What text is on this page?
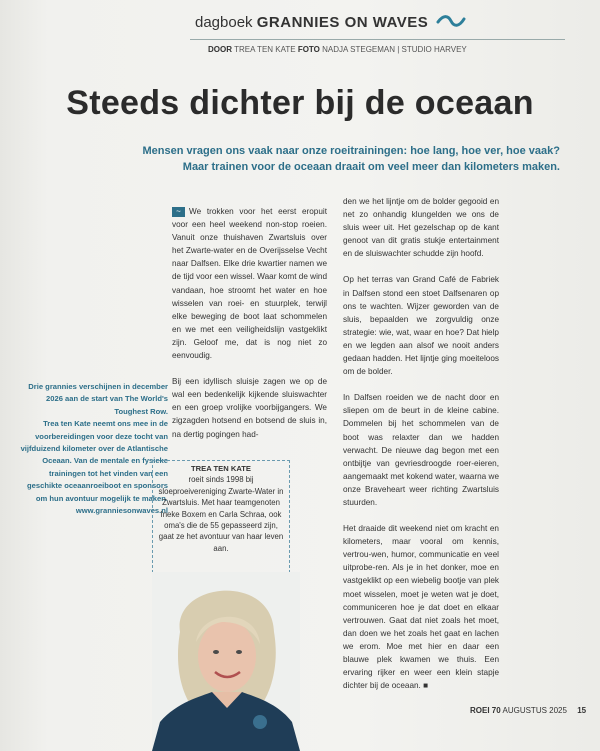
dagboek GRANNIES ON WAVES
DOOR TREA TEN KATE FOTO NADJA STEGEMAN | STUDIO HARVEY
Steeds dichter bij de oceaan
Mensen vragen ons vaak naar onze roeitrainingen: hoe lang, hoe ver, hoe vaak?
Maar trainen voor de oceaan draait om veel meer dan kilometers maken.

~ We trokken voor het eerst eropuit voor een heel weekend non-stop roeien. Vanuit onze thuishaven Zwartsluis over het Zwarte-water en de Overijsselse Vecht naar Dalfsen. Elke drie kwartier namen we de tijd voor een wissel. Waar komt de wind vandaan, hoe stroomt het water en hoe wisselen van roei- en stuurplek, terwijl elke beweging de boot laat schommelen en we met een veiligheidslijn vastgeklikt zijn. Geloof me, dat is nog niet zo eenvoudig.

Bij een idyllisch sluisje zagen we op de wal een bedenkelijk kijkende sluiswachter en een groep vrolijke voorbijgangers. We zigzagden hotsend en botsend de sluis in, na dertig pogingen had-

den we het lijntje om de bolder gegooid en net zo onhandig klungelden we ons de sluis weer uit. Het gezelschap op de kant genoot van dit gratis stukje entertainment en de sluiswachter schudde zijn hoofd.

Op het terras van Grand Café de Fabriek in Dalfsen stond een stoet Dalfsenaren op ons te wachten. Wijzer geworden van de sluis, bepaalden we zorgvuldig onze strategie: wie, wat, waar en hoe? Dat hielp en we legden aan alsof we nooit anders gedaan hadden. Het lijntje ging moeiteloos om de bolder.

In Dalfsen roeiden we de nacht door en sliepen om de beurt in de kleine cabine. Dommelen bij het schommelen van de boot was relaxter dan we hadden verwacht. De nieuwe dag begon met een ontbijtje van gevriesdroogde roer-eieren, aangemaakt met kokend water, waarna we onze Braveheart weer richting Zwartsluis stuurden.

Het draaide dit weekend niet om kracht en kilometers, maar vooral om kennis, vertrou-wen, humor, communicatie en veel uitprobe-ren. Als je in het donker, moe en vastgeklikt op een wiebelig bootje van plek moet wisselen, moet je weten wat je doet, communiceren hoe je dat doet en elkaar vertrouwen. Gaat dat niet zoals het moet, dan doen we het zoals het gaat en lachen we erom. Moe met hier en daar een blauwe plek kwamen we thuis. Een ervaring rijker en weer een klein stapje dichter bij de oceaan. ■

Drie grannies verschijnen in december 2026 aan de start van The World's Toughest Row.

Trea ten Kate neemt ons mee in de voorbereidingen voor deze tocht van vijfduizend kilometer over de Atlantische Oceaan. Van de mentale en fysieke trainingen tot het vinden van een geschikte oceaanroeiboot en sponsors om hun avontuur mogelijk te maken.

www.granniesonwaves.nl

TREA TEN KATE
roeit sinds 1998 bij sloeproeivereniging Zwarte-Water in Zwartsluis. Met haar teamgenoten Ineke Boxem en Carla Schraa, ook oma's die de 55 gepasseerd zijn, gaat ze het avontuur van haar leven aan.
ROEI 70 AUGUSTUS 2025 15
